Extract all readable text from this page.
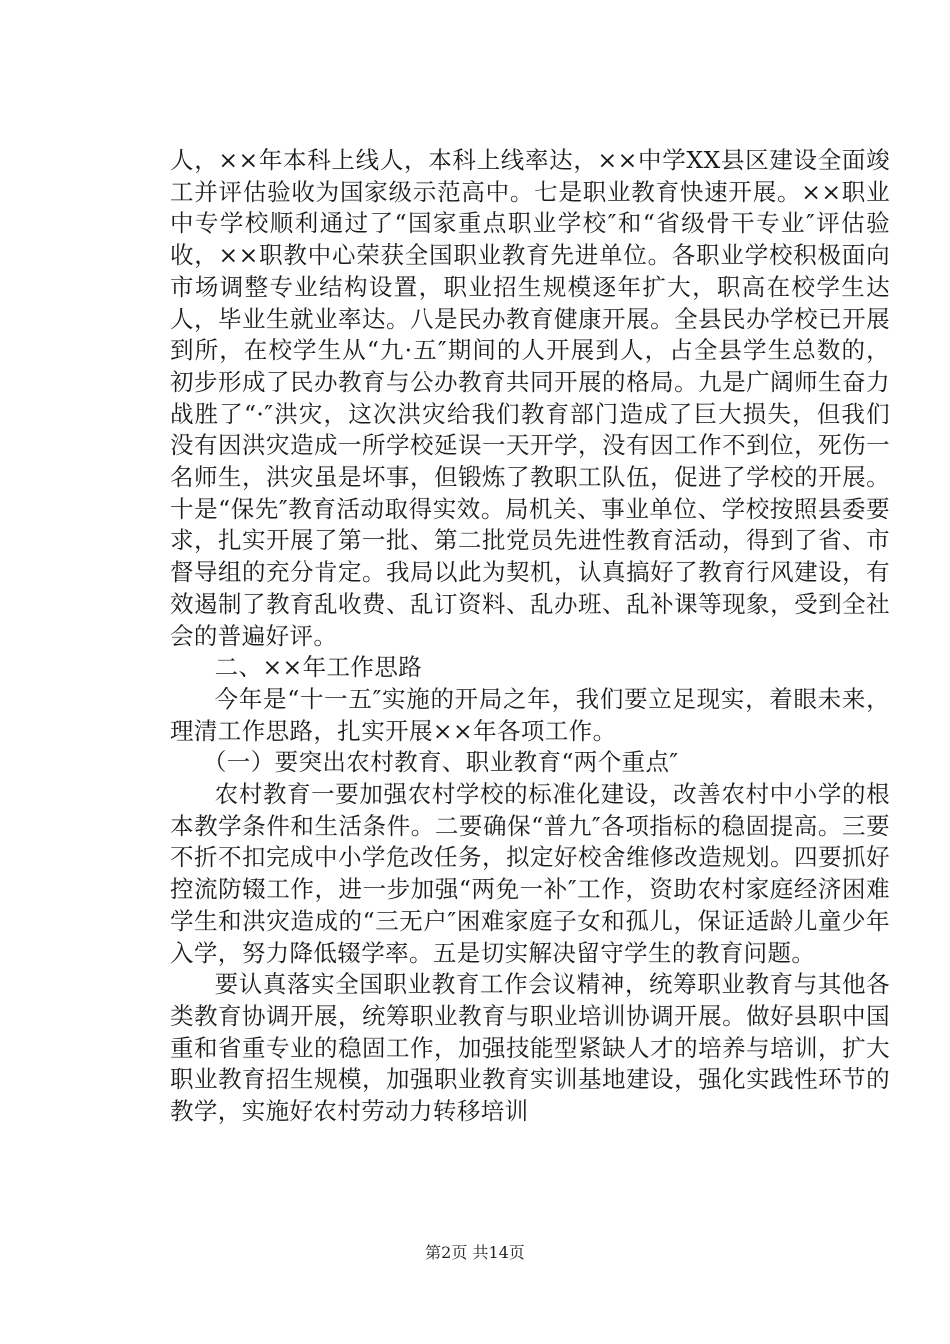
人，××年本科上线人，本科上线率达，××中学XX县区建设全面竣工并评估验收为国家级示范高中。七是职业教育快速开展。××职业中专学校顺利通过了“国家重点职业学校″和“省级骨干专业″评估验收，××职教中心荣获全国职业教育先进单位。各职业学校积极面向市场调整专业结构设置，职业招生规模逐年扩大，职高在校学生达人，毕业生就业率达。八是民办教育健康开展。全县民办学校已开展到所，在校学生从“九·五″期间的人开展到人，占全县学生总数的，初步形成了民办教育与公办教育共同开展的格局。九是广阔师生奋力战胜了“·″洪灾，这次洪灾给我们教育部门造成了巨大损失，但我们没有因洪灾造成一所学校延误一天开学，没有因工作不到位，死伤一名师生，洪灾虽是坏事，但锻炼了教职工队伍，促进了学校的开展。十是“保先″教育活动取得实效。局机关、事业单位、学校按照县委要求，扎实开展了第一批、第二批党员先进性教育活动，得到了省、市督导组的充分肯定。我局以此为契机，认真搞好了教育行风建设，有效遏制了教育乱收费、乱订资料、乱办班、乱补课等现象，受到全社会的普遍好评。

二、××年工作思路

今年是“十一五″实施的开局之年，我们要立足现实，着眼未来，理清工作思路，扎实开展××年各项工作。

（一）要突出农村教育、职业教育“两个重点″

农村教育一要加强农村学校的标准化建设，改善农村中小学的根本教学条件和生活条件。二要确保“普九″各项指标的稳固提高。三要不折不扣完成中小学危改任务，拟定好校舍维修改造规划。四要抓好控流防辍工作，进一步加强“两免一补″工作，资助农村家庭经济困难学生和洪灾造成的“三无户″困难家庭子女和孤儿，保证适龄儿童少年入学，努力降低辍学率。五是切实解决留守学生的教育问题。

要认真落实全国职业教育工作会议精神，统筹职业教育与其他各类教育协调开展，统筹职业教育与职业培训协调开展。做好县职中国重和省重专业的稳固工作，加强技能型紧缺人才的培养与培训，扩大职业教育招生规模，加强职业教育实训基地建设，强化实践性环节的教学，实施好农村劳动力转移培训

第2页 共14页
